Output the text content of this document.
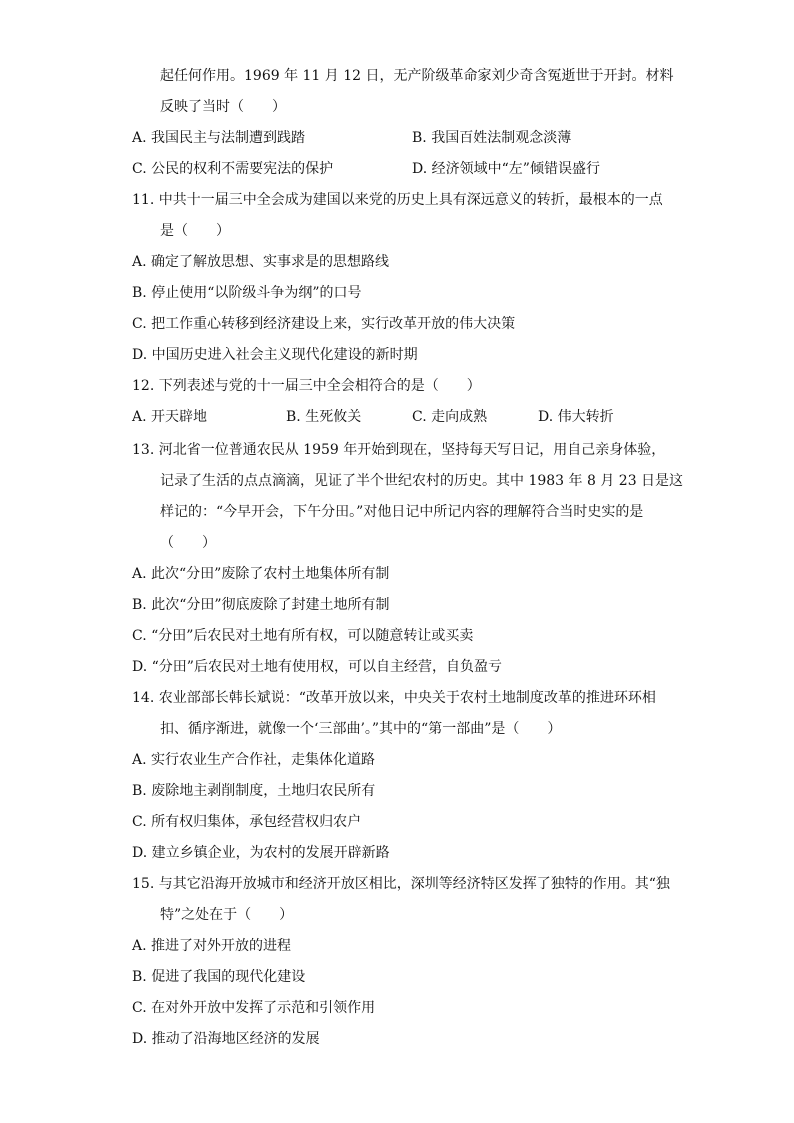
起任何作用。1969 年 11 月 12 日，无产阶级革命家刘少奇含冤逝世于开封。材料
反映了当时（　　）
A. 我国民主与法制遭到践踏	B. 我国百姓法制观念淡薄
C. 公民的权利不需要宪法的保护	D. 经济领域中“左”倾错误盛行
11. 中共十一届三中全会成为建国以来党的历史上具有深远意义的转折，最根本的一点
是（　　）
A. 确定了解放思想、实事求是的思想路线
B. 停止使用“以阶级斗争为纲”的口号
C. 把工作重心转移到经济建设上来，实行改革开放的伟大决策
D. 中国历史进入社会主义现代化建设的新时期
12. 下列表述与党的十一届三中全会相符合的是（　　）
A. 开天辟地	B. 生死攸关	C. 走向成熟	D. 伟大转折
13. 河北省一位普通农民从 1959 年开始到现在，坚持每天写日记，用自己亲身体验，
记录了生活的点点滴滴，见证了半个世纪农村的历史。其中 1983 年 8 月 23 日是这
样记的：“今早开会，下午分田。”对他日记中所记内容的理解符合当时史实的是
（　　）
A. 此次“分田”废除了农村土地集体所有制
B. 此次“分田”彻底废除了封建土地所有制
C. “分田”后农民对土地有所有权，可以随意转让或买卖
D. “分田”后农民对土地有使用权，可以自主经营，自负盈亏
14. 农业部部长韩长斌说：“改革开放以来，中央关于农村土地制度改革的推进环环相
扣、循序渐进，就像一个‘三部曲’。”其中的“第一部曲”是（　　）
A. 实行农业生产合作社，走集体化道路
B. 废除地主剥削制度，土地归农民所有
C. 所有权归集体，承包经营权归农户
D. 建立乡镇企业，为农村的发展开辟新路
15. 与其它沿海开放城市和经济开放区相比，深圳等经济特区发挥了独特的作用。其“独
特”之处在于（　　）
A. 推进了对外开放的进程
B. 促进了我国的现代化建设
C. 在对外开放中发挥了示范和引领作用
D. 推动了沿海地区经济的发展
